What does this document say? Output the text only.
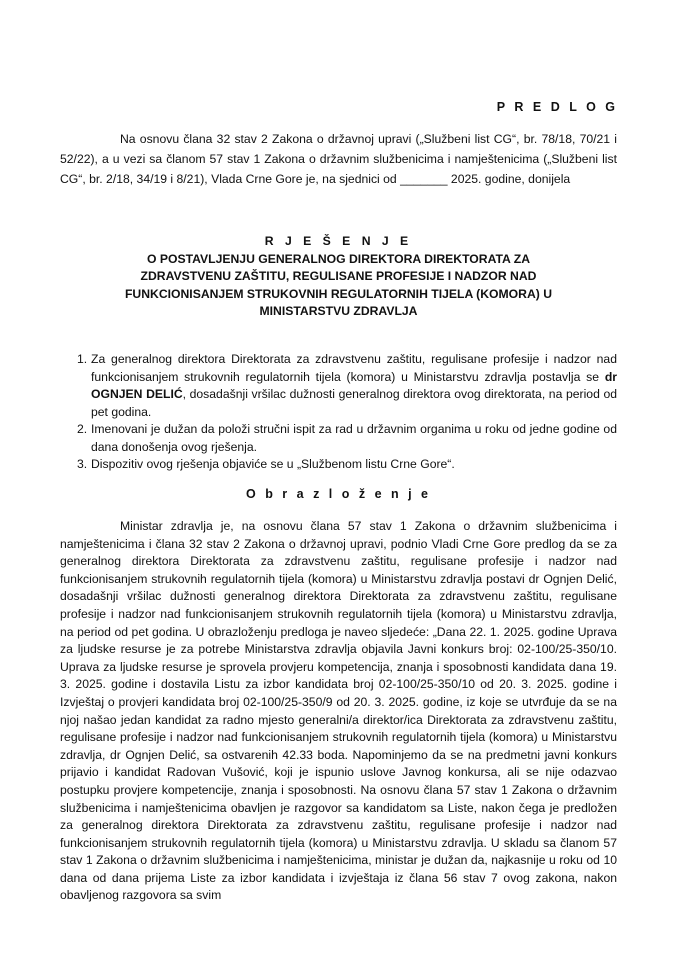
P R E D L O G

Na osnovu člana 32 stav 2 Zakona o državnoj upravi („Službeni list CG“, br. 78/18, 70/21 i 52/22), a u vezi sa članom 57 stav 1 Zakona o državnim službenicima i namještenicima („Službeni list CG“, br. 2/18, 34/19 i 8/21), Vlada Crne Gore je, na sjednici od _______ 2025. godine, donijela

R J E Š E N J E
O POSTAVLJENJU GENERALNOG DIREKTORA DIREKTORATA ZA
ZDRAVSTVENU ZAŠTITU, REGULISANE PROFESIJE I NADZOR NAD
FUNKCIONISANJEM STRUKOVNIH REGULATORNIH TIJELA (KOMORA) U
MINISTARSTVU ZDRAVLJA
1. Za generalnog direktora Direktorata za zdravstvenu zaštitu, regulisane profesije i nadzor nad funkcionisanjem strukovnih regulatornih tijela (komora) u Ministarstvu zdravlja postavlja se dr OGNJEN DELIĆ, dosadašnji vršilac dužnosti generalnog direktora ovog direktorata, na period od pet godina.
2. Imenovani je dužan da položi stručni ispit za rad u državnim organima u roku od jedne godine od dana donošenja ovog rješenja.
3. Dispozitiv ovog rješenja objaviće se u „Službenom listu Crne Gore“.
O b r a z l o ž e n j e

Ministar zdravlja je, na osnovu člana 57 stav 1 Zakona o državnim službenicima i namještenicima i člana 32 stav 2 Zakona o državnoj upravi, podnio Vladi Crne Gore predlog da se za generalnog direktora Direktorata za zdravstvenu zaštitu, regulisane profesije i nadzor nad funkcionisanjem strukovnih regulatornih tijela (komora) u Ministarstvu zdravlja postavi dr Ognjen Delić, dosadašnji vršilac dužnosti generalnog direktora Direktorata za zdravstvenu zaštitu, regulisane profesije i nadzor nad funkcionisanjem strukovnih regulatornih tijela (komora) u Ministarstvu zdravlja, na period od pet godina. U obrazloženju predloga je naveo sljedeće: „Dana 22. 1. 2025. godine Uprava za ljudske resurse je za potrebe Ministarstva zdravlja objavila Javni konkurs broj: 02-100/25-350/10. Uprava za ljudske resurse je sprovela provjeru kompetencija, znanja i sposobnosti kandidata dana 19. 3. 2025. godine i dostavila Listu za izbor kandidata broj 02-100/25-350/10 od 20. 3. 2025. godine i Izvještaj o provjeri kandidata broj 02-100/25-350/9 od 20. 3. 2025. godine, iz koje se utvrđuje da se na njoj našao jedan kandidat za radno mjesto generalni/a direktor/ica Direktorata za zdravstvenu zaštitu, regulisane profesije i nadzor nad funkcionisanjem strukovnih regulatornih tijela (komora) u Ministarstvu zdravlja, dr Ognjen Delić, sa ostvarenih 42.33 boda. Napominjemo da se na predmetni javni konkurs prijavio i kandidat Radovan Vušović, koji je ispunio uslove Javnog konkursa, ali se nije odazvao postupku provjere kompetencije, znanja i sposobnosti. Na osnovu člana 57 stav 1 Zakona o državnim službenicima i namještenicima obavljen je razgovor sa kandidatom sa Liste, nakon čega je predložen za generalnog direktora Direktorata za zdravstvenu zaštitu, regulisane profesije i nadzor nad funkcionisanjem strukovnih regulatornih tijela (komora) u Ministarstvu zdravlja. U skladu sa članom 57 stav 1 Zakona o državnim službenicima i namještenicima, ministar je dužan da, najkasnije u roku od 10 dana od dana prijema Liste za izbor kandidata i izvještaja iz člana 56 stav 7 ovog zakona, nakon obavljenog razgovora sa svim
